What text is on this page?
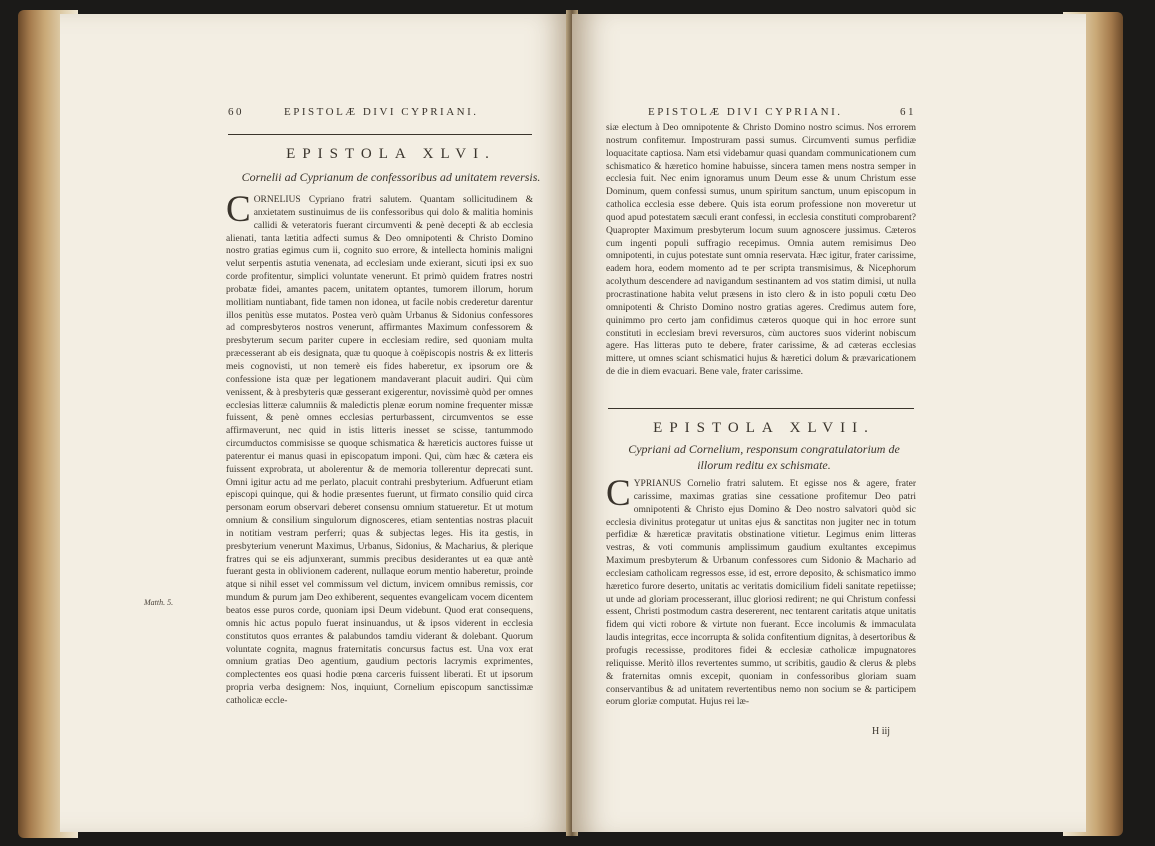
60	EPISTOLÆ DIVI CYPRIANI.
EPISTOLA XLVI.
Cornelii ad Cyprianum de confessoribus ad unitatem reversis.
CORNELIUS Cypriano fratri salutem. Quantam sollicitudinem & anxietatem sustinuimus de iis confessoribus qui dolo & malitia hominis callidi & veteratoris fuerant circumventi & penè decepti & ab ecclesia alienati, tanta lætitia adfecti sumus & Deo omnipotenti & Christo Domino nostro gratias egimus cum ii, cognito suo errore, & intellecta hominis maligni velut serpentis astutia venenata, ad ecclesiam unde exierant, sicuti ipsi ex suo corde profitentur, simplici voluntate venerunt. Et primò quidem fratres nostri probatæ fidei, amantes pacem, unitatem optantes, tumorem illorum, horum mollitiam nuntiabant, fide tamen non idonea, ut facile nobis crederetur darentur illos penitùs esse mutatos. Postea verò quàm Urbanus & Sidonius confessores ad compresbyteros nostros venerunt, affirmantes Maximum confessorem & presbyterum secum pariter cupere in ecclesiam redire, sed quoniam multa præcesserant ab eis designata, quæ tu quoque à coëpiscopis nostris & ex litteris meis cognovisti, ut non temerè eis fides haberetur, ex ipsorum ore & confessione ista quæ per legationem mandaverant placuit audiri. Qui cùm venissent, & à presbyteris quæ gesserant exigerentur, novissimè quòd per omnes ecclesias litteræ calumniis & maledictis plenæ eorum nomine frequenter missæ fuissent, & penè omnes ecclesias perturbassent, circumventos se esse affirmaverunt, nec quid in istis litteris inesset se scisse, tantummodo circumductos commisisse se quoque schismatica & hæreticis auctores fuisse ut paterentur ei manus quasi in episcopatum imponi. Qui, cùm hæc & cætera eis fuissent exprobrata, ut abolerentur & de memoria tollerentur deprecati sunt. Omni igitur actu ad me perlato, placuit contrahi presbyterium. Adfuerunt etiam episcopi quinque, qui & hodie præsentes fuerunt, ut firmato consilio quid circa personam eorum observari deberet consensu omnium statueretur. Et ut motum omnium & consilium singulorum dignosceres, etiam sententias nostras placuit in notitiam vestram perferri; quas & subjectas leges. His ita gestis, in presbyterium venerunt Maximus, Urbanus, Sidonius, & Macharius, & plerique fratres qui se eis adjunxerant, summis precibus desiderantes ut ea quæ antè fuerant gesta in oblivionem caderent, nullaque eorum mentio haberetur, proinde atque si nihil esset vel commissum vel dictum, invicem omnibus remissis, cor mundum & purum jam Deo exhiberent, sequentes evangelicam vocem dicentem beatos esse puros corde, quoniam ipsi Deum videbunt. Quod erat consequens, omnis hic actus populo fuerat insinuandus, ut & ipsos viderent in ecclesia constitutos quos errantes & palabundos tamdiu viderant & dolebant. Quorum voluntate cognita, magnus fraternitatis concursus factus est. Una vox erat omnium gratias Deo agentium, gaudium pectoris lacrymis exprimentes, complectentes eos quasi hodie pœna carceris fuissent liberati. Et ut ipsorum propria verba designem: Nos, inquiunt, Cornelium episcopum sanctissimæ catholicæ eccle-
Matth. 5.
EPISTOLÆ DIVI CYPRIANI.	61
siæ electum à Deo omnipotente & Christo Domino nostro scimus. Nos errorem nostrum confitemur. Impostruram passi sumus. Circumventi sumus perfidiæ loquacitate captiosa. Nam etsi videbamur quasi quandam communicationem cum schismatico & hæretico homine habuisse, sincera tamen mens nostra semper in ecclesia fuit. Nec enim ignoramus unum Deum esse & unum Christum esse Dominum, quem confessi sumus, unum spiritum sanctum, unum episcopum in catholica ecclesia esse debere. Quis ista eorum professione non moveretur ut quod apud potestatem sæculi erant confessi, in ecclesia constituti comprobarent? Quapropter Maximum presbyterum locum suum agnoscere jussimus. Cæteros cum ingenti populi suffragio recepimus. Omnia autem remisimus Deo omnipotenti, in cujus potestate sunt omnia reservata. Hæc igitur, frater carissime, eadem hora, eodem momento ad te per scripta transmisimus, & Nicephorum acolythum descendere ad navigandum sestinantem ad vos statim dimisi, ut nulla procrastinatione habita velut præsens in isto clero & in isto populi cœtu Deo omnipotenti & Christo Domino nostro gratias ageres. Credimus autem fore, quinimmo pro certo jam confidimus cæteros quoque qui in hoc errore sunt constituti in ecclesiam brevi reversuros, cùm auctores suos viderint nobiscum agere. Has litteras puto te debere, frater carissime, & ad cæteras ecclesias mittere, ut omnes sciant schismatici hujus & hæretici dolum & prævaricationem de die in diem evacuari. Bene vale, frater carissime.
EPISTOLA XLVII.
Cypriani ad Cornelium, responsum congratulatorium de
illorum reditu ex schismate.
CYPRIANUS Cornelio fratri salutem. Et egisse nos & agere, frater carissime, maximas gratias sine cessatione profitemur Deo patri omnipotenti & Christo ejus Domino & Deo nostro salvatori quòd sic ecclesia divinitus protegatur ut unitas ejus & sanctitas non jugiter nec in totum perfidiæ & hæreticæ pravitatis obstinatione vitietur. Legimus enim litteras vestras, & voti communis amplissimum gaudium exultantes excepimus Maximum presbyterum & Urbanum confessores cum Sidonio & Machario ad ecclesiam catholicam regressos esse, id est, errore deposito, & schismatico immo hæretico furore deserto, unitatis ac veritatis domicilium fideli sanitate repetiisse; ut unde ad gloriam processerant, illuc gloriosi redirent; ne qui Christum confessi essent, Christi postmodum castra desererent, nec tentarent caritatis atque unitatis fidem qui victi robore & virtute non fuerant. Ecce incolumis & immaculata laudis integritas, ecce incorrupta & solida confitentium dignitas, à desertoribus & profugis recessisse, proditores fidei & ecclesiæ catholicæ impugnatores reliquisse. Meritò illos revertentes summo, ut scribitis, gaudio & clerus & plebs & fraternitas omnis excepit, quoniam in confessoribus gloriam suam conservantibus & ad unitatem revertentibus nemo non socium se & participem eorum gloriæ computat. Hujus rei læ-
H iij
